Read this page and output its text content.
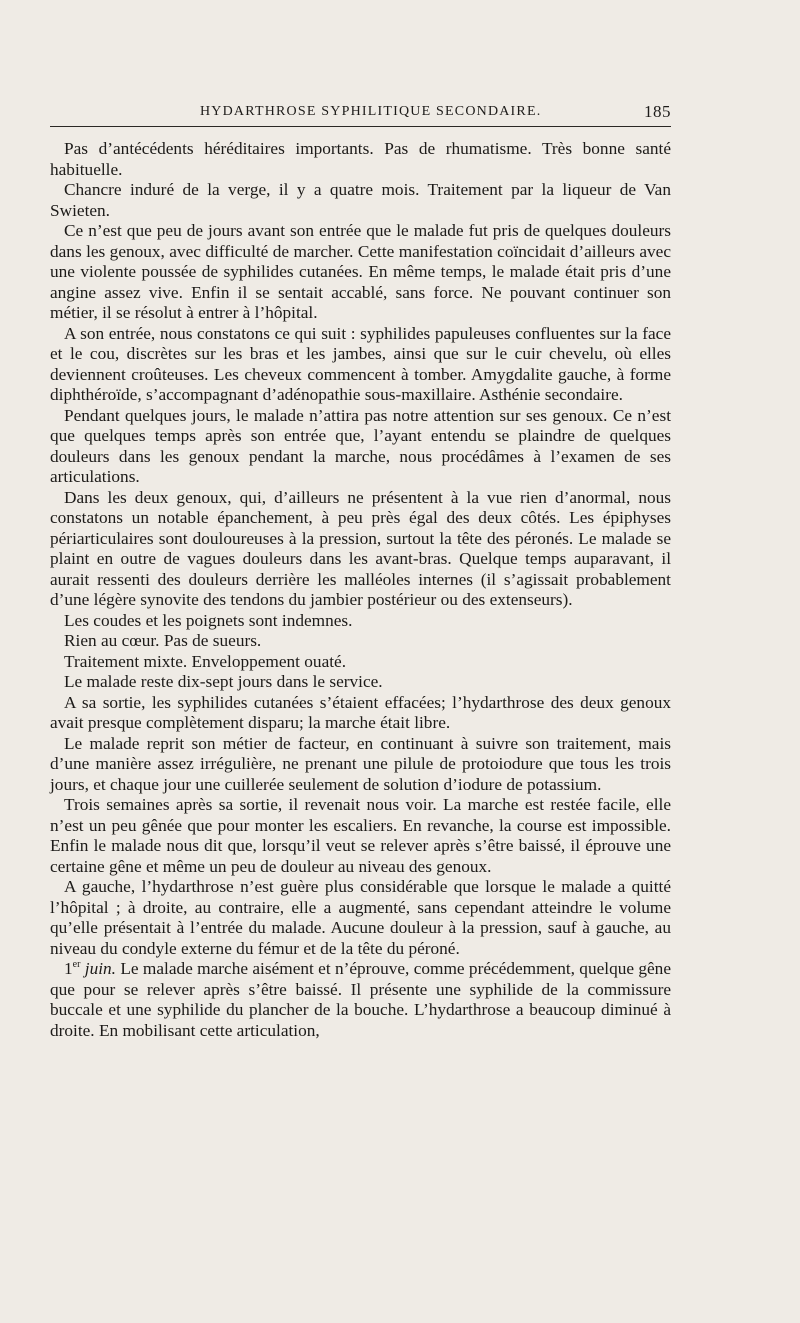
HYDARTHROSE SYPHILITIQUE SECONDAIRE.	185

Pas d’antécédents héréditaires importants. Pas de rhumatisme. Très bonne santé habituelle.

Chancre induré de la verge, il y a quatre mois. Traitement par la liqueur de Van Swieten.

Ce n’est que peu de jours avant son entrée que le malade fut pris de quelques douleurs dans les genoux, avec difficulté de marcher. Cette manifestation coïncidait d’ailleurs avec une violente poussée de syphilides cutanées. En même temps, le malade était pris d’une angine assez vive. Enfin il se sentait accablé, sans force. Ne pouvant continuer son métier, il se résolut à entrer à l’hôpital.

A son entrée, nous constatons ce qui suit : syphilides papuleuses confluentes sur la face et le cou, discrètes sur les bras et les jambes, ainsi que sur le cuir chevelu, où elles deviennent croûteuses. Les cheveux commencent à tomber. Amygdalite gauche, à forme diphthéroïde, s’accompagnant d’adénopathie sous-maxillaire. Asthénie secondaire.

Pendant quelques jours, le malade n’attira pas notre attention sur ses genoux. Ce n’est que quelques temps après son entrée que, l’ayant entendu se plaindre de quelques douleurs dans les genoux pendant la marche, nous procédâmes à l’examen de ses articulations.

Dans les deux genoux, qui, d’ailleurs ne présentent à la vue rien d’anormal, nous constatons un notable épanchement, à peu près égal des deux côtés. Les épiphyses périarticulaires sont douloureuses à la pression, surtout la tête des péronés. Le malade se plaint en outre de vagues douleurs dans les avant-bras. Quelque temps auparavant, il aurait ressenti des douleurs derrière les malléoles internes (il s’agissait probablement d’une légère synovite des tendons du jambier postérieur ou des extenseurs).

Les coudes et les poignets sont indemnes.

Rien au cœur. Pas de sueurs.

Traitement mixte. Enveloppement ouaté.

Le malade reste dix-sept jours dans le service.

A sa sortie, les syphilides cutanées s’étaient effacées; l’hydarthrose des deux genoux avait presque complètement disparu; la marche était libre.

Le malade reprit son métier de facteur, en continuant à suivre son traitement, mais d’une manière assez irrégulière, ne prenant une pilule de protoiodure que tous les trois jours, et chaque jour une cuillerée seulement de solution d’iodure de potassium.

Trois semaines après sa sortie, il revenait nous voir. La marche est restée facile, elle n’est un peu gênée que pour monter les escaliers. En revanche, la course est impossible. Enfin le malade nous dit que, lorsqu’il veut se relever après s’être baissé, il éprouve une certaine gêne et même un peu de douleur au niveau des genoux.

A gauche, l’hydarthrose n’est guère plus considérable que lorsque le malade a quitté l’hôpital ; à droite, au contraire, elle a augmenté, sans cependant atteindre le volume qu’elle présentait à l’entrée du malade. Aucune douleur à la pression, sauf à gauche, au niveau du condyle externe du fémur et de la tête du péroné.

1er juin. Le malade marche aisément et n’éprouve, comme précédemment, quelque gêne que pour se relever après s’être baissé. Il présente une syphilide de la commissure buccale et une syphilide du plancher de la bouche. L’hydarthrose a beaucoup diminué à droite. En mobilisant cette articulation,
